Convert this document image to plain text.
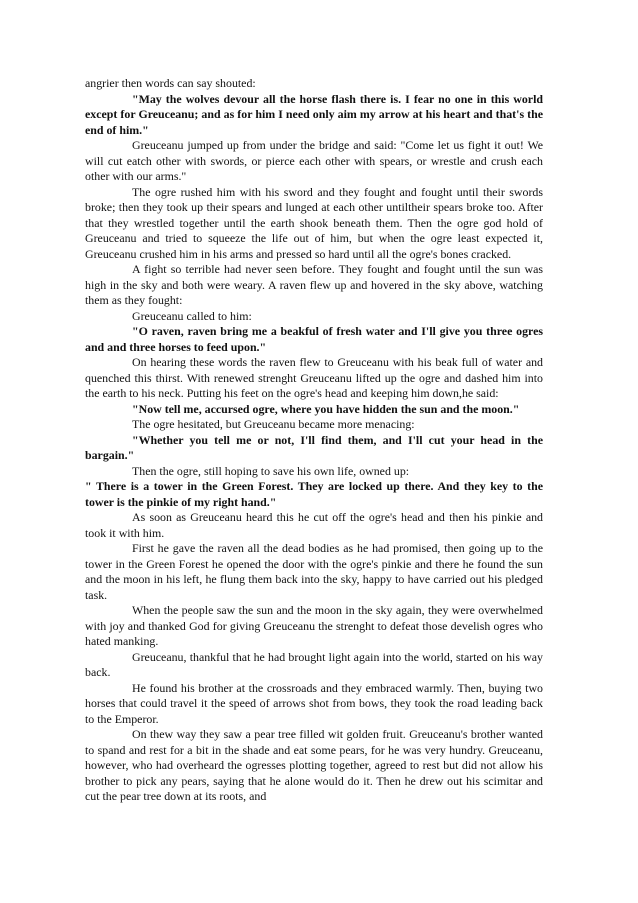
angrier then words can say shouted:

"May the wolves devour all the horse flash there is. I fear no one in this world except for Greuceanu; and as for him I need only aim my arrow at his heart and that's the end of him."

Greuceanu jumped up from under the bridge and said: "Come let us fight it out! We will cut eatch other with swords, or pierce each other with spears, or wrestle and crush each other with our arms."

The ogre rushed him with his sword and they fought and fought until their swords broke; then they took up their spears and lunged at each other untiltheir spears broke too. After that they wrestled together until the earth shook beneath them. Then the ogre god hold of Greuceanu and tried to squeeze the life out of him, but when the ogre least expected it, Greuceanu crushed him in his arms and pressed so hard until all the ogre's bones cracked.

A fight so terrible had never seen before. They fought and fought until the sun was high in the sky and both were weary. A raven flew up and hovered in the sky above, watching them as they fought:

Greuceanu called to him:

"O raven, raven bring me a beakful of fresh water and I'll give you three ogres and and three horses to feed upon."

On hearing these words the raven flew to Greuceanu with his beak full of water and quenched this thirst. With renewed strenght Greuceanu lifted up the ogre and dashed him into the earth to his neck. Putting his feet on the ogre's head and keeping him down,he said:

"Now tell me, accursed ogre, where you have hidden the sun and the moon."

The ogre hesitated, but Greuceanu became more menacing:

"Whether you tell me or not, I'll find them, and I'll cut your head in the bargain."

Then the ogre, still hoping to save his own life, owned up:

" There is a tower in the Green Forest. They are locked up there. And they key to the tower is the pinkie of my right hand."

As soon as Greuceanu heard this he cut off the ogre's head and then his pinkie and took it with him.

First he gave the raven all the dead bodies as he had promised, then going up to the tower in the Green Forest he opened the door with the ogre's pinkie and there he found the sun and the moon in his left, he flung them back into the sky, happy to have carried out his pledged task.

When the people saw the sun and the moon in the sky again, they were overwhelmed with joy and thanked God for giving Greuceanu the strenght to defeat those develish ogres who hated manking.

Greuceanu, thankful that he had brought light again into the world, started on his way back.

He found his brother at the crossroads and they embraced warmly. Then, buying two horses that could travel it the speed of arrows shot from bows, they took the road leading back to the Emperor.

On thew way they saw a pear tree filled wit golden fruit. Greuceanu's brother wanted to spand and rest for a bit in the shade and eat some pears, for he was very hundry. Greuceanu, however, who had overheard the ogresses plotting together, agreed to rest but did not allow his brother to pick any pears, saying that he alone would do it. Then he drew out his scimitar and cut the pear tree down at its roots, and
